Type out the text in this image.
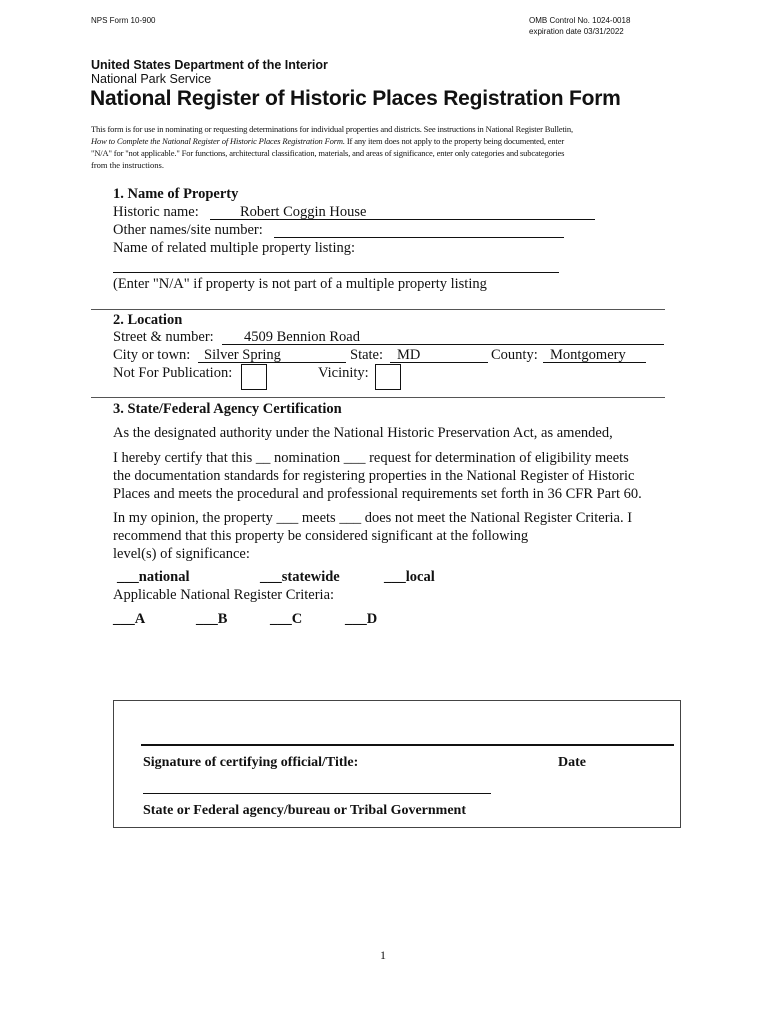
NPS Form 10-900	OMB Control No. 1024-0018
expiration date 03/31/2022
United States Department of the Interior
National Park Service
National Register of Historic Places Registration Form
This form is for use in nominating or requesting determinations for individual properties and districts. See instructions in National Register Bulletin,
How to Complete the National Register of Historic Places Registration Form. If any item does not apply to the property being documented, enter
"N/A" for "not applicable." For functions, architectural classification, materials, and areas of significance, enter only categories and subcategories
from the instructions.
1. Name of Property
Historic name:	Robert Coggin House
Other names/site number:
Name of related multiple property listing:
(Enter "N/A" if property is not part of a multiple property listing
2. Location
Street & number: 4509 Bennion Road
City or town: Silver Spring	State: MD	County: Montgomery
Not For Publication:	Vicinity:
3. State/Federal Agency Certification
As the designated authority under the National Historic Preservation Act, as amended,
I hereby certify that this __ nomination ___ request for determination of eligibility meets
the documentation standards for registering properties in the National Register of Historic
Places and meets the procedural and professional requirements set forth in 36 CFR Part 60.
In my opinion, the property ___ meets ___ does not meet the National Register Criteria. I
recommend that this property be considered significant at the following
level(s) of significance:
___national	___statewide	___local
Applicable National Register Criteria:
___A	___B	___C	___D
Signature of certifying official/Title:	Date
State or Federal agency/bureau or Tribal Government
1
